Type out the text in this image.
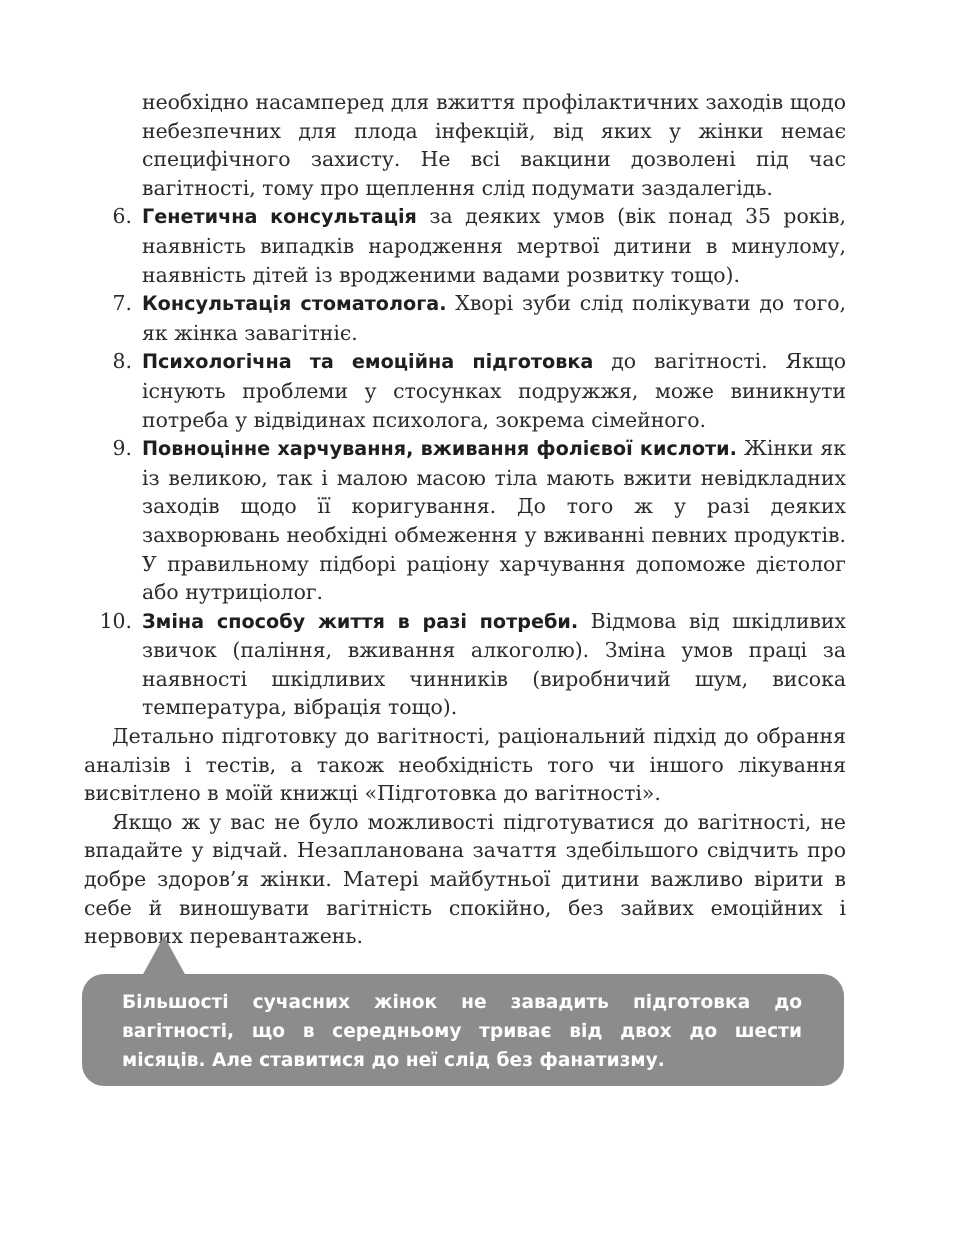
необхідно насамперед для вжиття профілактичних заходів щодо небезпечних для плода інфекцій, від яких у жінки немає специфічного захисту. Не всі вакцини дозволені під час вагітності, тому про щеплення слід подумати заздалегідь.
6. Генетична консультація за деяких умов (вік понад 35 років, наявність випадків народження мертвої дитини в минулому, наявність дітей із вродженими вадами розвитку тощо).
7. Консультація стоматолога. Хворі зуби слід полікувати до того, як жінка завагітніє.
8. Психологічна та емоційна підготовка до вагітності. Якщо існують проблеми у стосунках подружжя, може виникнути потреба у відвідинах психолога, зокрема сімейного.
9. Повноцінне харчування, вживання фолієвої кислоти. Жінки як із великою, так і малою масою тіла мають вжити невідкладних заходів щодо її коригування. До того ж у разі деяких захворювань необхідні обмеження у вживанні певних продуктів. У правильному підборі раціону харчування допоможе дієтолог або нутриціолог.
10. Зміна способу життя в разі потреби. Відмова від шкідливих звичок (паління, вживання алкоголю). Зміна умов праці за наявності шкідливих чинників (виробничий шум, висока температура, вібрація тощо).

Детально підготовку до вагітності, раціональний підхід до обрання аналізів і тестів, а також необхідність того чи іншого лікування висвітлено в моїй книжці «Підготовка до вагітності».

Якщо ж у вас не було можливості підготуватися до вагітності, не впадайте у відчай. Незапланована зачаття здебільшого свідчить про добре здоров’я жінки. Матері майбутньої дитини важливо вірити в себе й виношувати вагітність спокійно, без зайвих емоційних і нервових перевантажень.

Більшості сучасних жінок не завадить підготовка до вагітності, що в середньому триває від двох до шести місяців. Але ставитися до неї слід без фанатизму.
